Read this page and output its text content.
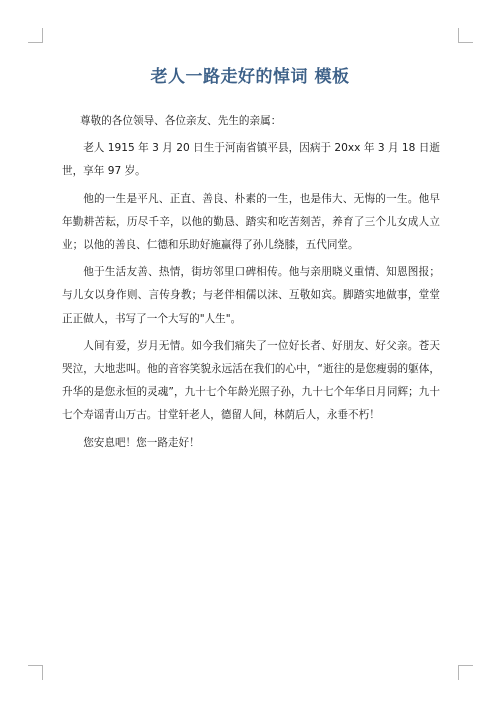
老人一路走好的悼词 模板

尊敬的各位领导、各位亲友、先生的亲属：

老人 1915 年 3 月 20 日生于河南省镇平县，因病于 20xx 年 3 月 18 日逝世，享年 97 岁。

他的一生是平凡、正直、善良、朴素的一生，也是伟大、无悔的一生。他早年勤耕苦耘，历尽千辛，以他的勤恳、踏实和吃苦刻苦，养育了三个儿女成人立业；以他的善良、仁德和乐助好施赢得了孙儿绕膝，五代同堂。

他于生活友善、热情，街坊邻里口碑相传。他与亲朋晓义重情、知恩图报；与儿女以身作则、言传身教；与老伴相儒以沫、互敬如宾。脚踏实地做事，堂堂正正做人，书写了一个大写的"人生"。

人间有爱，岁月无情。如今我们痛失了一位好长者、好朋友、好父亲。苍天哭泣，大地悲叫。他的音容笑貌永远活在我们的心中，“逝往的是您瘦弱的躯体，升华的是您永恒的灵魂”，九十七个年龄光照子孙，九十七个年华日月同辉；九十七个寿谣青山万古。甘堂轩老人，德留人间，林荫后人，永垂不朽！

您安息吧！您一路走好！
